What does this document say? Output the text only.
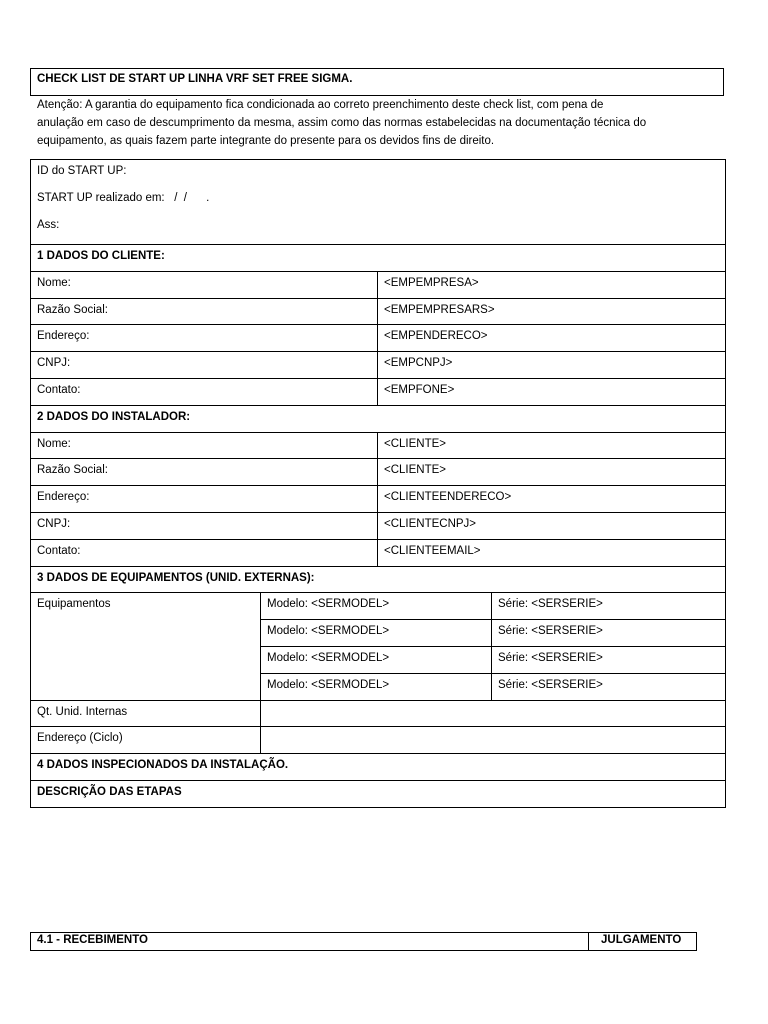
CHECK LIST DE START UP LINHA VRF SET FREE SIGMA.
Atenção: A garantia do equipamento fica condicionada ao correto preenchimento deste check list, com pena de
anulação em caso de descumprimento da mesma, assim como das normas estabelecidas na documentação técnica do
equipamento, as quais fazem parte integrante do presente para os devidos fins de direito.
ID do START UP:
START UP realizado em:   /  /      .
Ass:			

1 DADOS DO CLIENTE:			
Nome:		<EMPEMPRESA>	
Razão Social:		<EMPEMPRESARS>	
Endereço:		<EMPENDERECO>	
CNPJ:		<EMPCNPJ>	
Contato:		<EMPFONE>	
2 DADOS DO INSTALADOR:			
Nome:		<CLIENTE>	
Razão Social:		<CLIENTE>	
Endereço:		<CLIENTEENDERECO>	
CNPJ:		<CLIENTECNPJ>	
Contato:		<CLIENTEEMAIL>	
3 DADOS DE EQUIPAMENTOS (UNID. EXTERNAS):			
Equipamentos	Modelo: <SERMODEL>		Série: <SERSERIE>
	Modelo: <SERMODEL>		Série: <SERSERIE>
	Modelo: <SERMODEL>		Série: <SERSERIE>
	Modelo: <SERMODEL>		Série: <SERSERIE>
Qt. Unid. Internas			
Endereço (Ciclo)			
4 DADOS INSPECIONADOS DA INSTALAÇÃO.			
DESCRIÇÃO DAS ETAPAS			
4.1 - RECEBIMENTO	JULGAMENTO
